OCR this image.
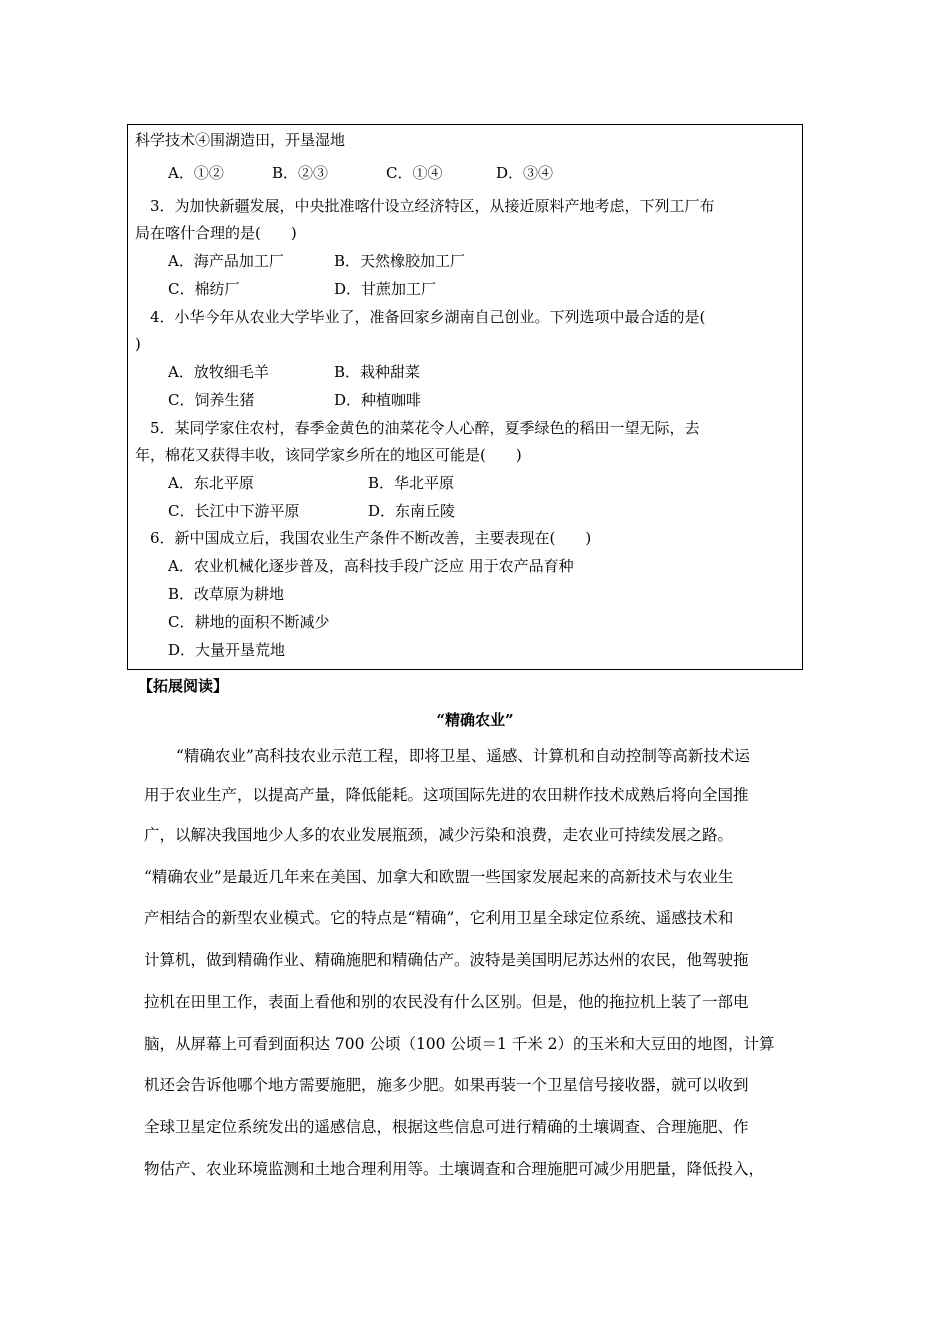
科学技术④围湖造田，开垦湿地
A．①②	B．②③	C．①④	D．③④
3．为加快新疆发展，中央批准喀什设立经济特区，从接近原料产地考虑，下列工厂布
局在喀什合理的是(　　)
A．海产品加工厂	B．天然橡胶加工厂
C．棉纺厂	D．甘蔗加工厂
4．小华今年从农业大学毕业了，准备回家乡湖南自己创业。下列选项中最合适的是(
)
A．放牧细毛羊	B．栽种甜菜
C．饲养生猪	D．种植咖啡
5．某同学家住农村，春季金黄色的油菜花令人心醉，夏季绿色的稻田一望无际，去
年，棉花又获得丰收，该同学家乡所在的地区可能是(　　)
A．东北平原	B．华北平原
C．长江中下游平原	D．东南丘陵
6．新中国成立后，我国农业生产条件不断改善，主要表现在(　　)
A．农业机械化逐步普及，高科技手段广泛应 用于农产品育种
B．改草原为耕地
C．耕地的面积不断减少
D．大量开垦荒地
【拓展阅读】
“精确农业”
“精确农业”高科技农业示范工程，即将卫星、遥感、计算机和自动控制等高新技术运
用于农业生产，以提高产量，降低能耗。这项国际先进的农田耕作技术成熟后将向全国推
广，以解决我国地少人多的农业发展瓶颈，减少污染和浪费，走农业可持续发展之路。
“精确农业”是最近几年来在美国、加拿大和欧盟一些国家发展起来的高新技术与农业生
产相结合的新型农业模式。它的特点是“精确”，它利用卫星全球定位系统、遥感技术和
计算机，做到精确作业、精确施肥和精确估产。波特是美国明尼苏达州的农民，他驾驶拖
拉机在田里工作，表面上看他和别的农民没有什么区别。但是，他的拖拉机上装了一部电
脑，从屏幕上可看到面积达 700 公顷（100 公顷＝1 千米 2）的玉米和大豆田的地图，计算
机还会告诉他哪个地方需要施肥，施多少肥。如果再装一个卫星信号接收器，就可以收到
全球卫星定位系统发出的遥感信息，根据这些信息可进行精确的土壤调查、合理施肥、作
物估产、农业环境监测和土地合理利用等。土壤调查和合理施肥可减少用肥量，降低投入，
